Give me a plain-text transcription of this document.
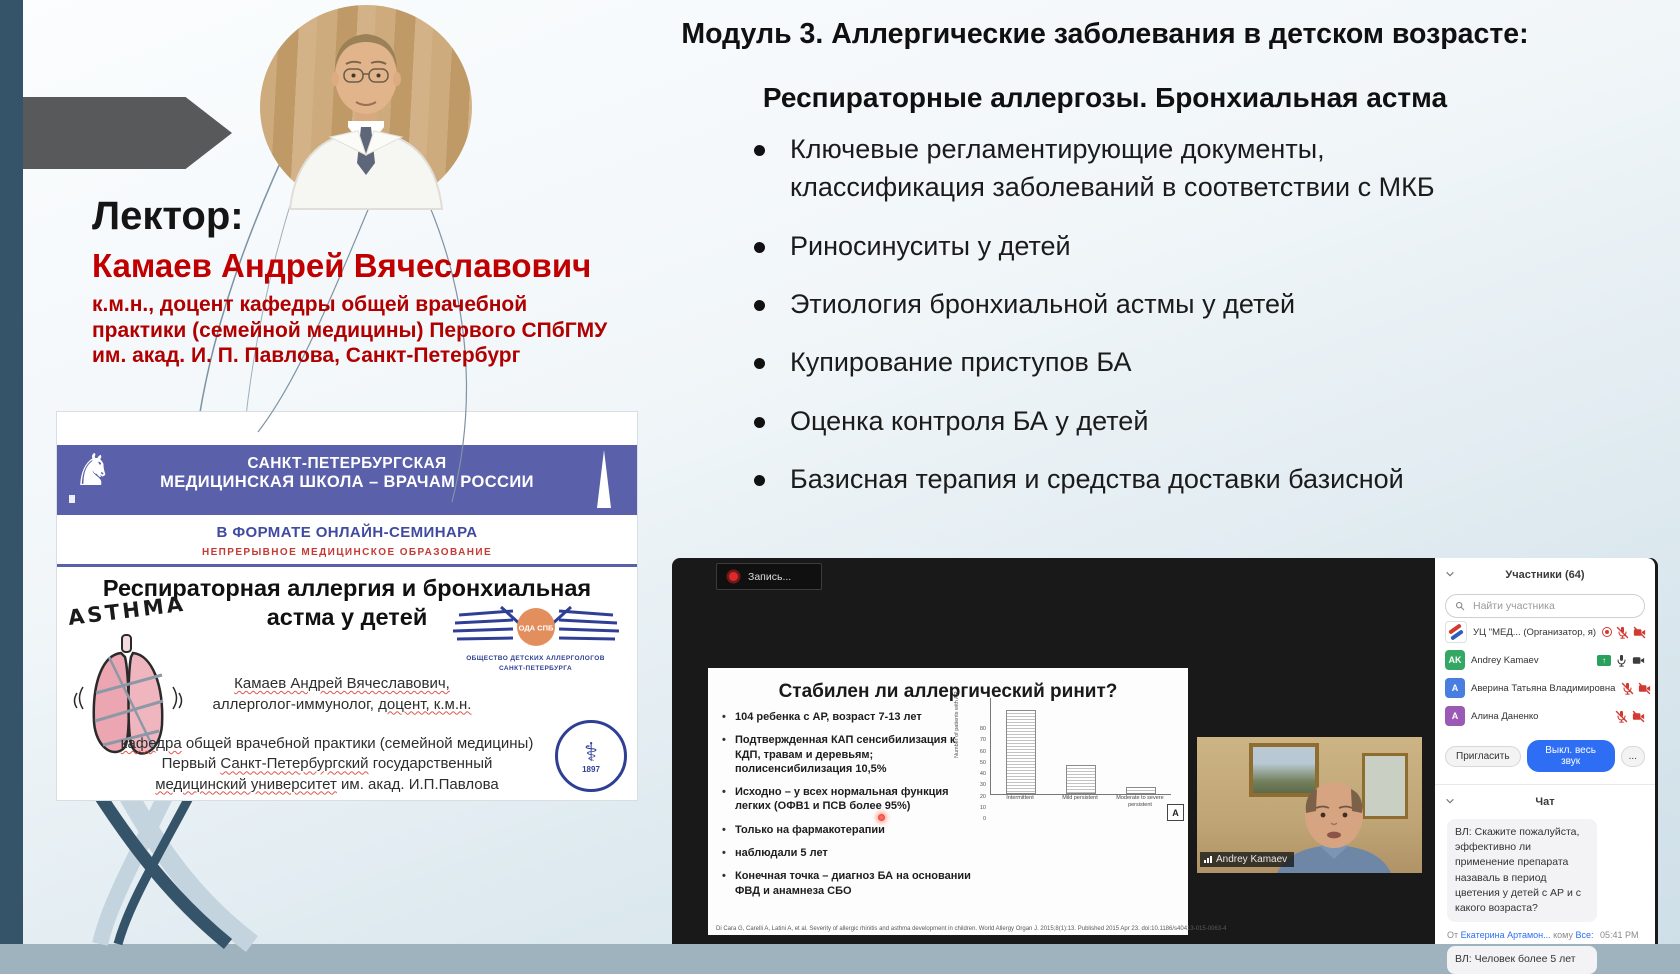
Лектор:
Камаев Андрей Вячеславович
к.м.н., доцент кафедры общей врачебной
практики (семейной медицины) Первого СПбГМУ
им. акад. И. П. Павлова, Санкт-Петербург
Модуль 3. Аллергические заболевания в детском возрасте:
Респираторные аллергозы. Бронхиальная астма
Ключевые регламентирующие документы, классификация заболеваний в соответствии с МКБ
Риносинуситы у детей
Этиология бронхиальной астмы у детей
Купирование приступов БА
Оценка контроля БА у детей
Базисная терапия и средства доставки базисной
♞	САНКТ-ПЕТЕРБУРГСКАЯ
МЕДИЦИНСКАЯ ШКОЛА – ВРАЧАМ РОССИИ
В ФОРМАТЕ ОНЛАЙН-СЕМИНАРА
НЕПРЕРЫВНОЕ МЕДИЦИНСКОЕ ОБРАЗОВАНИЕ
Респираторная аллергия и бронхиальная астма у детей
ASTHMA
Камаев Андрей Вячеславович,
аллерголог-иммунолог, доцент, к.м.н.
кафедра общей врачебной практики (семейной медицины)
Первый Санкт-Петербургский государственный
медицинский университет им. акад. И.П.Павлова
ОДА СПБ
ОБЩЕСТВО ДЕТСКИХ АЛЛЕРГОЛОГОВ
САНКТ-ПЕТЕРБУРГА
⚕
1897
Запись...
Стабилен ли аллергический ринит?
• 104 ребенка с АР, возраст 7-13 лет
• Подтвержденная КАП сенсибилизация к КДП, травам и деревьям; полисенсибилизация 10,5%
• Исходно – у всех нормальная функция легких (ОФВ1 и ПСВ более 95%)
• Только на фармакотерапии
• наблюдали 5 лет
• Конечная точка – диагноз БА на основании ФВД и анамнеза СБО
Number of patients with AR	80
70
60
50
40
30
20
10
0
Intermittent	Mild persistent	Moderate to severe persistent
A
Di Cara G, Carelli A, Latini A, et al. Severity of allergic rhinitis and asthma development in children. World Allergy Organ J. 2015;8(1):13. Published 2015 Apr 23. doi:10.1186/s40413-015-0063-4
Andrey Kamaev
Участники (64)
Найти участника
УЦ "МЕД... (Организатор, я)
AK	Andrey Kamaev	↑
A	Аверина Татьяна Владимировна
A	Алина Даненко
Пригласить	Выкл. весь звук	...
Чат
ВЛ: Скажите пожалуйста, эффективно ли применение препарата назаваль в период цветения у детей с АР и с какого возраста?
От Екатерина Артамон... кому Все: 05:41 PM
ВЛ: Человек более 5 лет
